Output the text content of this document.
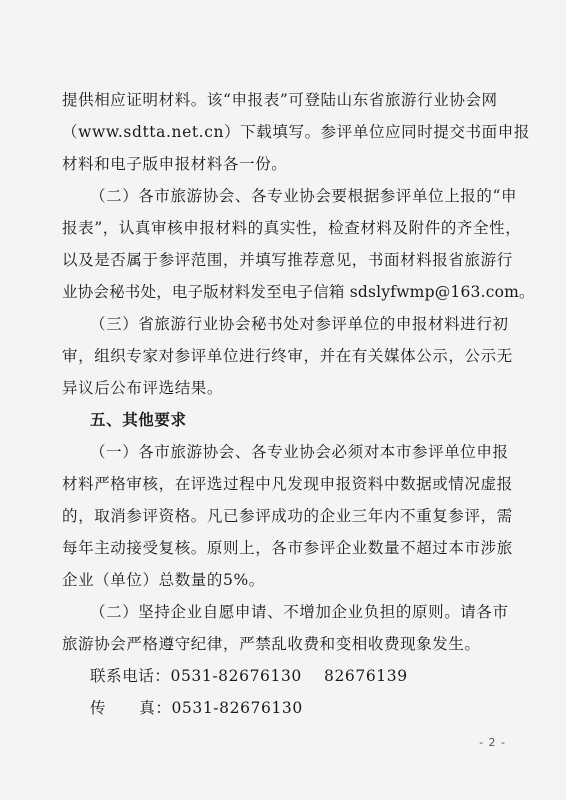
提供相应证明材料。该“申报表”可登陆山东省旅游行业协会网
（www.sdtta.net.cn）下载填写。参评单位应同时提交书面申报
材料和电子版申报材料各一份。
（二）各市旅游协会、各专业协会要根据参评单位上报的“申
报表”，认真审核申报材料的真实性，检查材料及附件的齐全性，
以及是否属于参评范围，并填写推荐意见，书面材料报省旅游行
业协会秘书处，电子版材料发至电子信箱 sdslyfwmp@163.com。
（三）省旅游行业协会秘书处对参评单位的申报材料进行初
审，组织专家对参评单位进行终审，并在有关媒体公示，公示无
异议后公布评选结果。
五、其他要求
（一）各市旅游协会、各专业协会必须对本市参评单位申报
材料严格审核，在评选过程中凡发现申报资料中数据或情况虚报
的，取消参评资格。凡已参评成功的企业三年内不重复参评，需
每年主动接受复核。原则上，各市参评企业数量不超过本市涉旅
企业（单位）总数量的5%。
（二）坚持企业自愿申请、不增加企业负担的原则。请各市
旅游协会严格遵守纪律，严禁乱收费和变相收费现象发生。
联系电话：0531-82676130    82676139
传      真：0531-82676130
- 2 -
